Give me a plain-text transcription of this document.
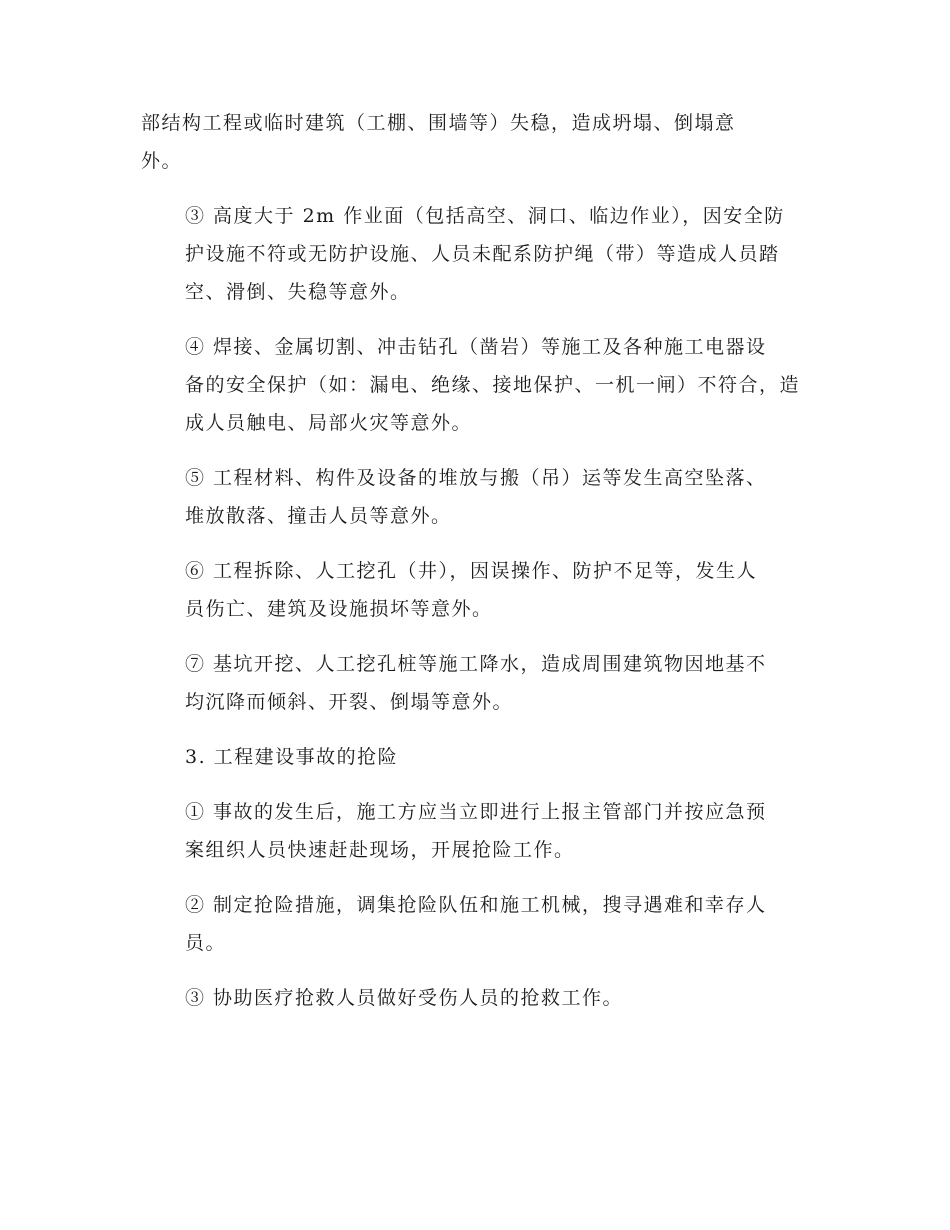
部结构工程或临时建筑（工棚、围墙等）失稳，造成坍塌、倒塌意
外。

③ 高度大于 2m 作业面（包括高空、洞口、临边作业），因安全防
护设施不符或无防护设施、人员未配系防护绳（带）等造成人员踏
空、滑倒、失稳等意外。

④ 焊接、金属切割、冲击钻孔（凿岩）等施工及各种施工电器设
备的安全保护（如：漏电、绝缘、接地保护、一机一闸）不符合，造
成人员触电、局部火灾等意外。

⑤ 工程材料、构件及设备的堆放与搬（吊）运等发生高空坠落、
堆放散落、撞击人员等意外。

⑥ 工程拆除、人工挖孔（井），因误操作、防护不足等，发生人
员伤亡、建筑及设施损坏等意外。

⑦ 基坑开挖、人工挖孔桩等施工降水，造成周围建筑物因地基不
均沉降而倾斜、开裂、倒塌等意外。

3. 工程建设事故的抢险

① 事故的发生后，施工方应当立即进行上报主管部门并按应急预
案组织人员快速赶赴现场，开展抢险工作。

② 制定抢险措施，调集抢险队伍和施工机械，搜寻遇难和幸存人
员。

③ 协助医疗抢救人员做好受伤人员的抢救工作。
